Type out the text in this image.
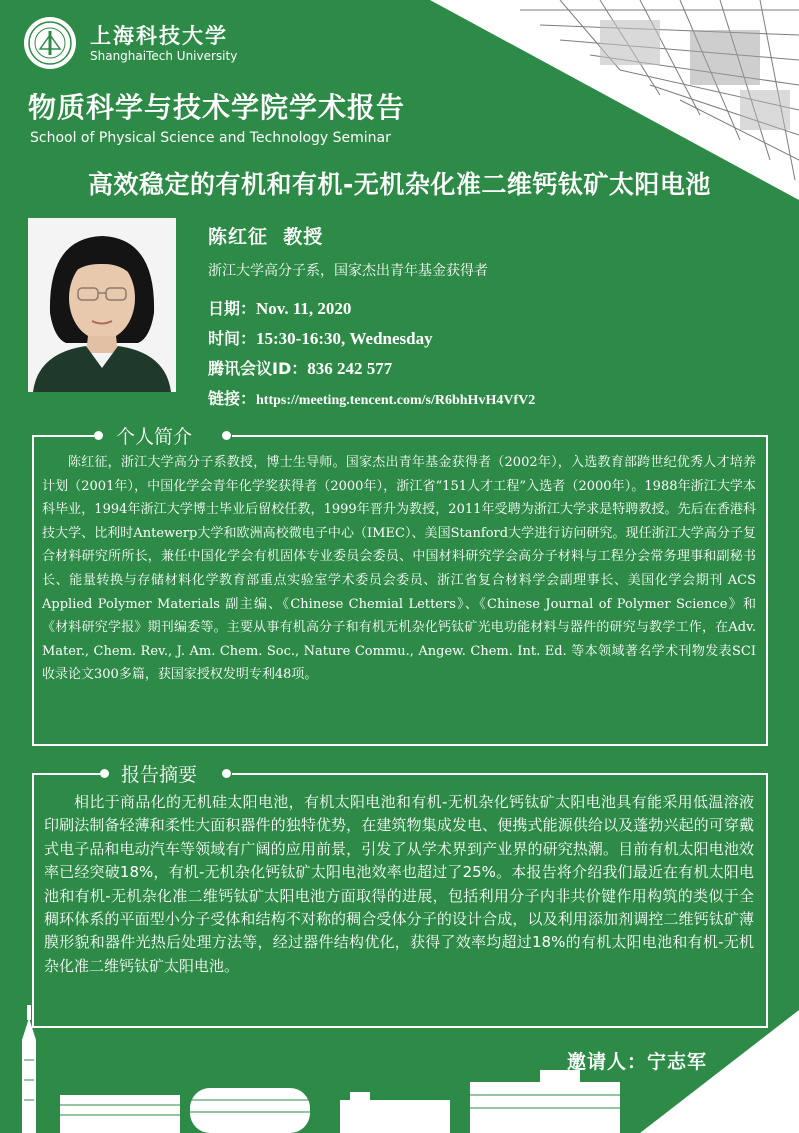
上海科技大学
ShanghaiTech University
物质科学与技术学院学术报告
School of Physical Science and Technology Seminar
高效稳定的有机和有机-无机杂化准二维钙钛矿太阳电池
陈红征  教授
浙江大学高分子系，国家杰出青年基金获得者
日期：Nov. 11, 2020
时间：15:30-16:30, Wednesday
腾讯会议ID：836 242 577
链接：https://meeting.tencent.com/s/R6bhHvH4VfV2
个人简介
陈红征，浙江大学高分子系教授，博士生导师。国家杰出青年基金获得者（2002年），入选教育部跨世纪优秀人才培养计划（2001年），中国化学会青年化学奖获得者（2000年），浙江省“151人才工程”入选者（2000年）。1988年浙江大学本科毕业，1994年浙江大学博士毕业后留校任教，1999年晋升为教授，2011年受聘为浙江大学求是特聘教授。先后在香港科技大学、比利时Antewerp大学和欧洲高校微电子中心（IMEC）、美国Stanford大学进行访问研究。现任浙江大学高分子复合材料研究所所长，兼任中国化学会有机固体专业委员会委员、中国材料研究学会高分子材料与工程分会常务理事和副秘书长、能量转换与存储材料化学教育部重点实验室学术委员会委员、浙江省复合材料学会副理事长、美国化学会期刊 ACS Applied Polymer Materials 副主编、《Chinese Chemial Letters》、《Chinese Journal of Polymer Science》和《材料研究学报》期刊编委等。主要从事有机高分子和有机无机杂化钙钛矿光电功能材料与器件的研究与教学工作，在Adv. Mater., Chem. Rev., J. Am. Chem. Soc., Nature Commu., Angew. Chem. Int. Ed. 等本领域著名学术刊物发表SCI收录论文300多篇，获国家授权发明专利48项。
报告摘要
相比于商品化的无机硅太阳电池，有机太阳电池和有机-无机杂化钙钛矿太阳电池具有能采用低温溶液印刷法制备轻薄和柔性大面积器件的独特优势，在建筑物集成发电、便携式能源供给以及蓬勃兴起的可穿戴式电子品和电动汽车等领域有广阔的应用前景，引发了从学术界到产业界的研究热潮。目前有机太阳电池效率已经突破18%，有机-无机杂化钙钛矿太阳电池效率也超过了25%。本报告将介绍我们最近在有机太阳电池和有机-无机杂化准二维钙钛矿太阳电池方面取得的进展，包括利用分子内非共价键作用构筑的类似于全稠环体系的平面型小分子受体和结构不对称的稠合受体分子的设计合成，以及利用添加剂调控二维钙钛矿薄膜形貌和器件光热后处理方法等，经过器件结构优化，获得了效率均超过18%的有机太阳电池和有机-无机杂化准二维钙钛矿太阳电池。
邀请人：宁志军
